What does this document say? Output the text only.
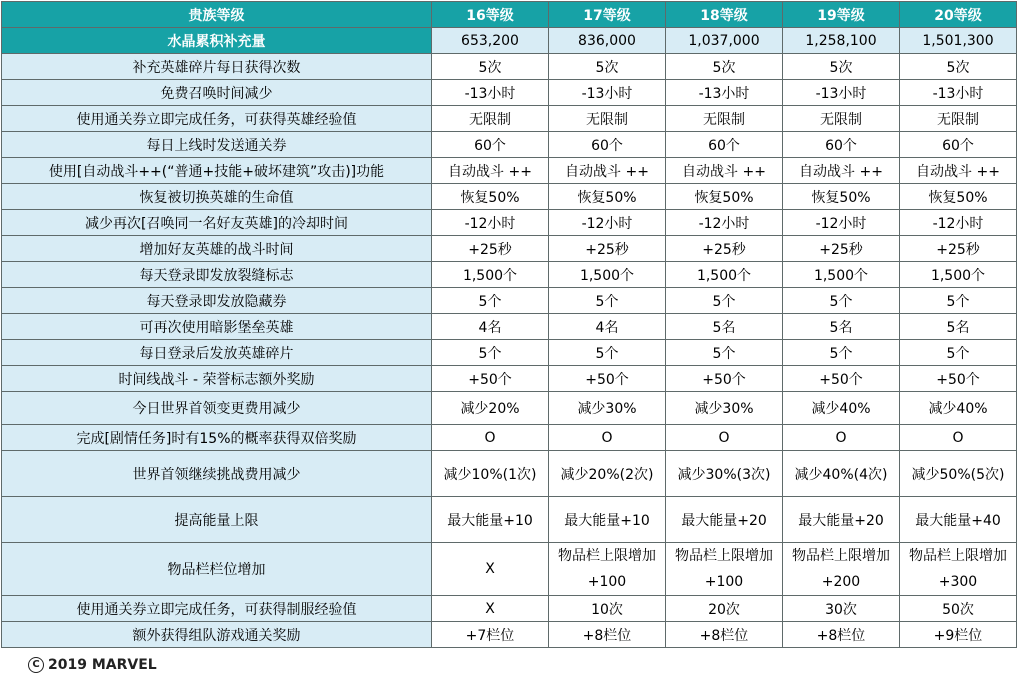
贵族等级	16等级	17等级	18等级	19等级	20等级
水晶累积补充量	653,200	836,000	1,037,000	1,258,100	1,501,300
补充英雄碎片每日获得次数	5次	5次	5次	5次	5次
免费召唤时间减少	-13小时	-13小时	-13小时	-13小时	-13小时
使用通关券立即完成任务，可获得英雄经验值	无限制	无限制	无限制	无限制	无限制
每日上线时发送通关券	60个	60个	60个	60个	60个
使用[自动战斗++(“普通+技能+破坏建筑”攻击)]功能	自动战斗 ++	自动战斗 ++	自动战斗 ++	自动战斗 ++	自动战斗 ++
恢复被切换英雄的生命值	恢复50%	恢复50%	恢复50%	恢复50%	恢复50%
减少再次[召唤同一名好友英雄]的冷却时间	-12小时	-12小时	-12小时	-12小时	-12小时
增加好友英雄的战斗时间	+25秒	+25秒	+25秒	+25秒	+25秒
每天登录即发放裂缝标志	1,500个	1,500个	1,500个	1,500个	1,500个
每天登录即发放隐藏券	5个	5个	5个	5个	5个
可再次使用暗影堡垒英雄	4名	4名	5名	5名	5名
每日登录后发放英雄碎片	5个	5个	5个	5个	5个
时间线战斗 - 荣誉标志额外奖励	+50个	+50个	+50个	+50个	+50个
今日世界首领变更费用减少	减少20%	减少30%	减少30%	减少40%	减少40%
完成[剧情任务]时有15%的概率获得双倍奖励	O	O	O	O	O
世界首领继续挑战费用减少	减少10%(1次)	减少20%(2次)	减少30%(3次)	减少40%(4次)	减少50%(5次)
提高能量上限	最大能量+10	最大能量+10	最大能量+20	最大能量+20	最大能量+40
物品栏栏位增加	X	物品栏上限增加+100	物品栏上限增加+100	物品栏上限增加+200	物品栏上限增加+300
使用通关券立即完成任务，可获得制服经验值	X	10次	20次	30次	50次
额外获得组队游戏通关奖励	+7栏位	+8栏位	+8栏位	+8栏位	+9栏位
C 2019 MARVEL
